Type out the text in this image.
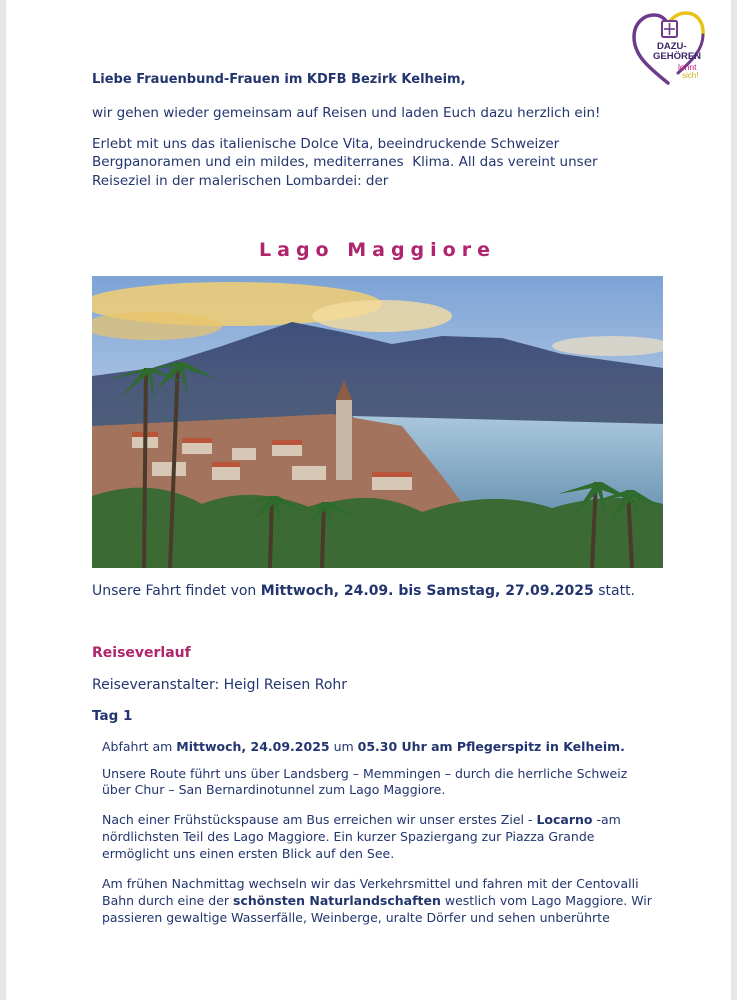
DAZU-
GEHÖREN
lohnt
sich!
Liebe Frauenbund-Frauen im KDFB Bezirk Kelheim,
wir gehen wieder gemeinsam auf Reisen und laden Euch dazu herzlich ein!
Erlebt mit uns das italienische Dolce Vita, beeindruckende Schweizer
Bergpanoramen und ein mildes, mediterranes  Klima. All das vereint unser
Reiseziel in der malerischen Lombardei: der
Lago Maggiore
Unsere Fahrt findet von Mittwoch, 24.09. bis Samstag, 27.09.2025 statt.
Reiseverlauf
Reiseveranstalter: Heigl Reisen Rohr
Tag 1
Abfahrt am Mittwoch, 24.09.2025 um 05.30 Uhr am Pflegerspitz in Kelheim.
Unsere Route führt uns über Landsberg – Memmingen – durch die herrliche Schweiz
über Chur – San Bernardinotunnel zum Lago Maggiore.
Nach einer Frühstückspause am Bus erreichen wir unser erstes Ziel - Locarno -am
nördlichsten Teil des Lago Maggiore. Ein kurzer Spaziergang zur Piazza Grande
ermöglicht uns einen ersten Blick auf den See.
Am frühen Nachmittag wechseln wir das Verkehrsmittel und fahren mit der Centovalli
Bahn durch eine der schönsten Naturlandschaften westlich vom Lago Maggiore. Wir
passieren gewaltige Wasserfälle, Weinberge, uralte Dörfer und sehen unberührte
